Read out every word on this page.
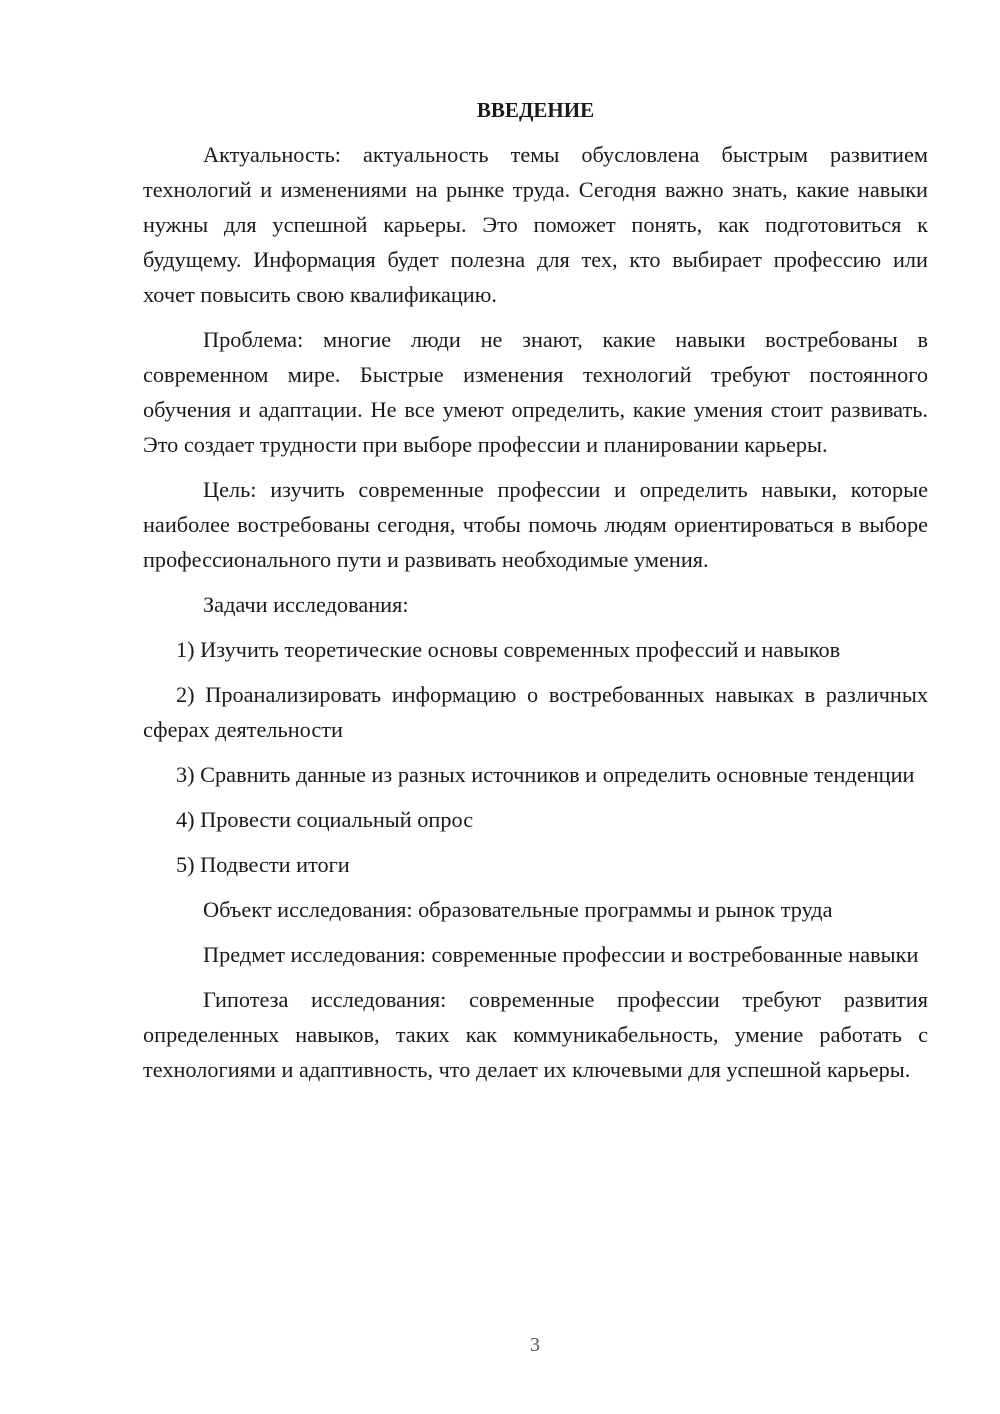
ВВЕДЕНИЕ

Актуальность: актуальность темы обусловлена быстрым развитием технологий и изменениями на рынке труда. Сегодня важно знать, какие навыки нужны для успешной карьеры. Это поможет понять, как подготовиться к будущему. Информация будет полезна для тех, кто выбирает профессию или хочет повысить свою квалификацию.

Проблема: многие люди не знают, какие навыки востребованы в современном мире. Быстрые изменения технологий требуют постоянного обучения и адаптации. Не все умеют определить, какие умения стоит развивать. Это создает трудности при выборе профессии и планировании карьеры.

Цель: изучить современные профессии и определить навыки, которые наиболее востребованы сегодня, чтобы помочь людям ориентироваться в выборе профессионального пути и развивать необходимые умения.

Задачи исследования:

1) Изучить теоретические основы современных профессий и навыков

2) Проанализировать информацию о востребованных навыках в различных сферах деятельности

3) Сравнить данные из разных источников и определить основные тенденции

4) Провести социальный опрос

5) Подвести итоги

Объект исследования: образовательные программы и рынок труда

Предмет исследования: современные профессии и востребованные навыки

Гипотеза исследования: современные профессии требуют развития определенных навыков, таких как коммуникабельность, умение работать с технологиями и адаптивность, что делает их ключевыми для успешной карьеры.

3
